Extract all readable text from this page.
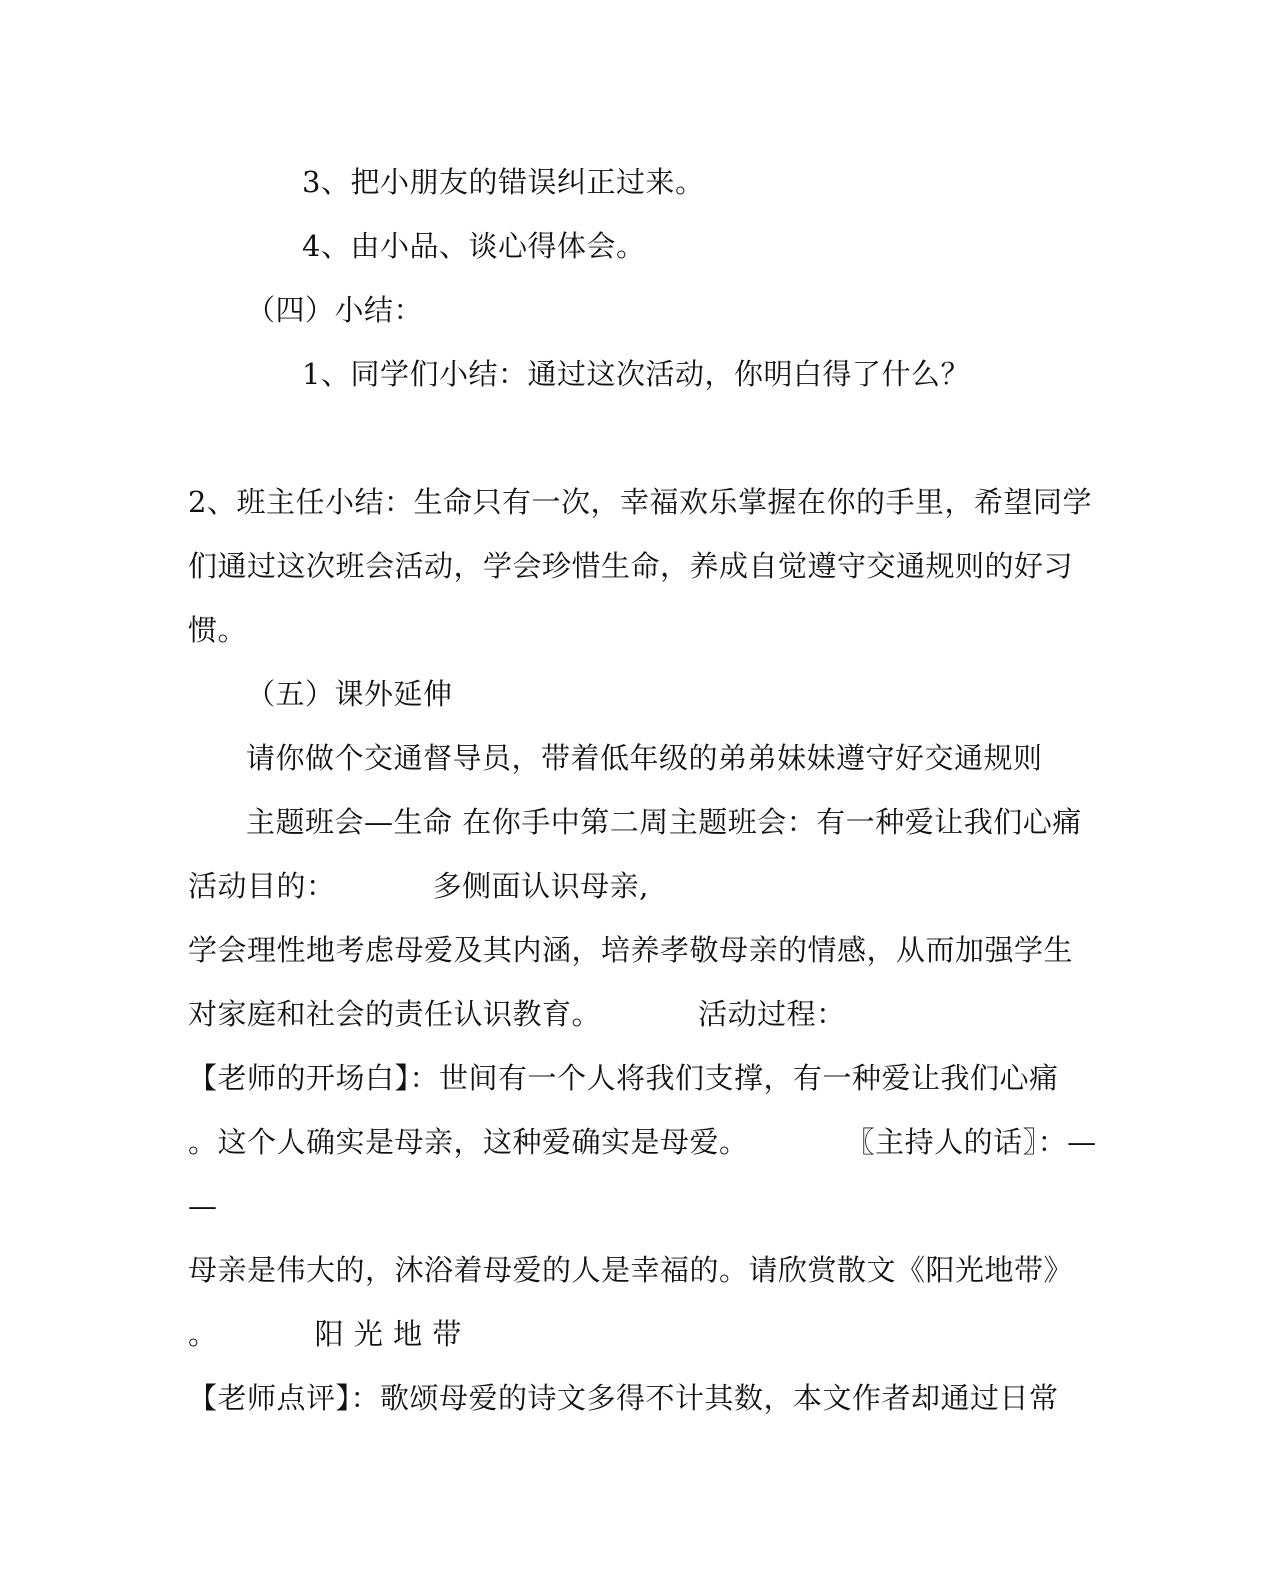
3、把小朋友的错误纠正过来。
4、由小品、谈心得体会。
（四）小结：
1、同学们小结：通过这次活动，你明白得了什么？
2、班主任小结：生命只有一次，幸福欢乐掌握在你的手里，希望同学
们通过这次班会活动，学会珍惜生命，养成自觉遵守交通规则的好习
惯。
（五）课外延伸
请你做个交通督导员，带着低年级的弟弟妹妹遵守好交通规则
主题班会—生命 在你手中第二周主题班会：有一种爱让我们心痛
活动目的：          多侧面认识母亲,
学会理性地考虑母爱及其内涵，培养孝敬母亲的情感，从而加强学生
对家庭和社会的责任认识教育。          活动过程：
【老师的开场白】：世间有一个人将我们支撑，有一种爱让我们心痛
。这个人确实是母亲，这种爱确实是母爱。          〖主持人的话〗：—
—
母亲是伟大的，沐浴着母爱的人是幸福的。请欣赏散文《阳光地带》
。          阳 光 地 带
【老师点评】：歌颂母爱的诗文多得不计其数，本文作者却通过日常
